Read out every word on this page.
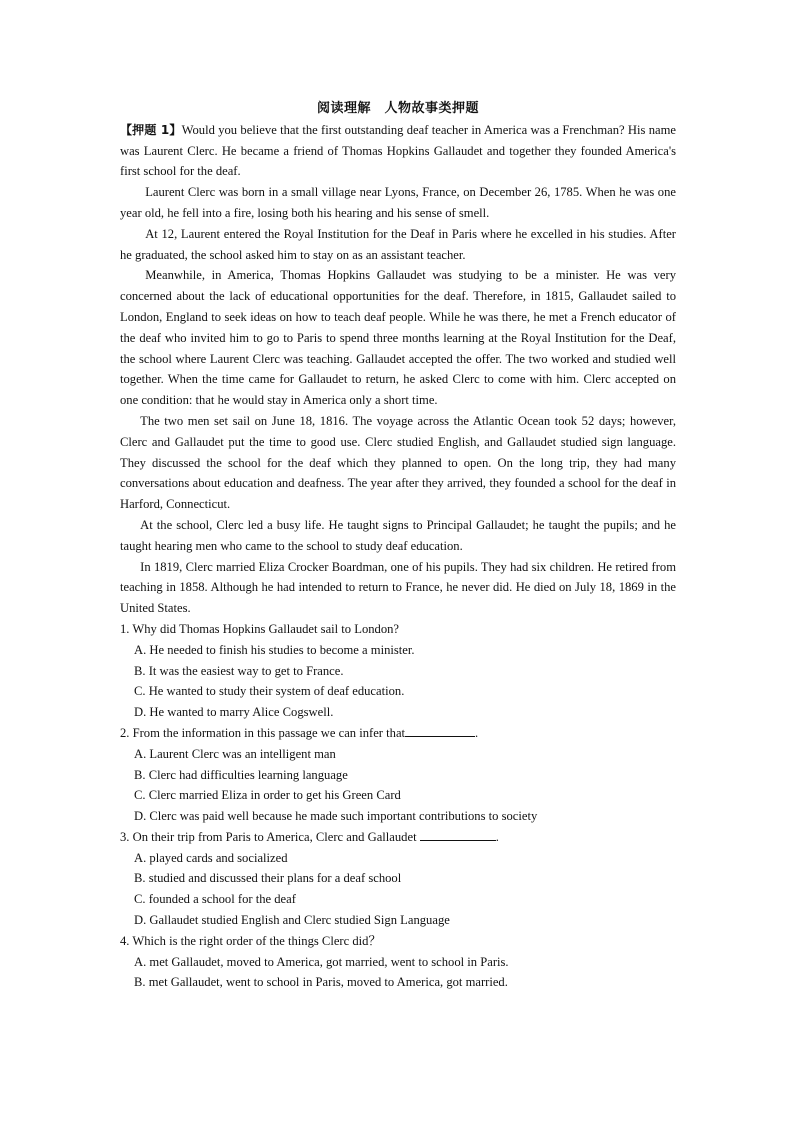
阅读理解　人物故事类押题

【押题 1】Would you believe that the first outstanding deaf teacher in America was a Frenchman? His name was Laurent Clerc. He became a friend of Thomas Hopkins Gallaudet and together they founded America's first school for the deaf.

Laurent Clerc was born in a small village near Lyons, France, on December 26, 1785. When he was one year old, he fell into a fire, losing both his hearing and his sense of smell.

At 12, Laurent entered the Royal Institution for the Deaf in Paris where he excelled in his studies. After he graduated, the school asked him to stay on as an assistant teacher.

Meanwhile, in America, Thomas Hopkins Gallaudet was studying to be a minister. He was very concerned about the lack of educational opportunities for the deaf. Therefore, in 1815, Gallaudet sailed to London, England to seek ideas on how to teach deaf people. While he was there, he met a French educator of the deaf who invited him to go to Paris to spend three months learning at the Royal Institution for the Deaf, the school where Laurent Clerc was teaching. Gallaudet accepted the offer. The two worked and studied well together. When the time came for Gallaudet to return, he asked Clerc to come with him. Clerc accepted on one condition: that he would stay in America only a short time.

The two men set sail on June 18, 1816. The voyage across the Atlantic Ocean took 52 days; however, Clerc and Gallaudet put the time to good use. Clerc studied English, and Gallaudet studied sign language. They discussed the school for the deaf which they planned to open. On the long trip, they had many conversations about education and deafness. The year after they arrived, they founded a school for the deaf in Harford, Connecticut.

At the school, Clerc led a busy life. He taught signs to Principal Gallaudet; he taught the pupils; and he taught hearing men who came to the school to study deaf education.

In 1819, Clerc married Eliza Crocker Boardman, one of his pupils. They had six children. He retired from teaching in 1858. Although he had intended to return to France, he never did. He died on July 18, 1869 in the United States.

1. Why did Thomas Hopkins Gallaudet sail to London?

A. He needed to finish his studies to become a minister.

B. It was the easiest way to get to France.

C. He wanted to study their system of deaf education.

D. He wanted to marry Alice Cogswell.

2. From the information in this passage we can infer that	.

A. Laurent Clerc was an intelligent man

B. Clerc had difficulties learning language

C. Clerc married Eliza in order to get his Green Card

D. Clerc was paid well because he made such important contributions to society

3. On their trip from Paris to America, Clerc and Gallaudet	.

A. played cards and socialized

B. studied and discussed their plans for a deaf school

C. founded a school for the deaf

D. Gallaudet studied English and Clerc studied Sign Language

4. Which is the right order of the things Clerc did？

A. met Gallaudet, moved to America, got married, went to school in Paris.

B. met Gallaudet, went to school in Paris, moved to America, got married.
